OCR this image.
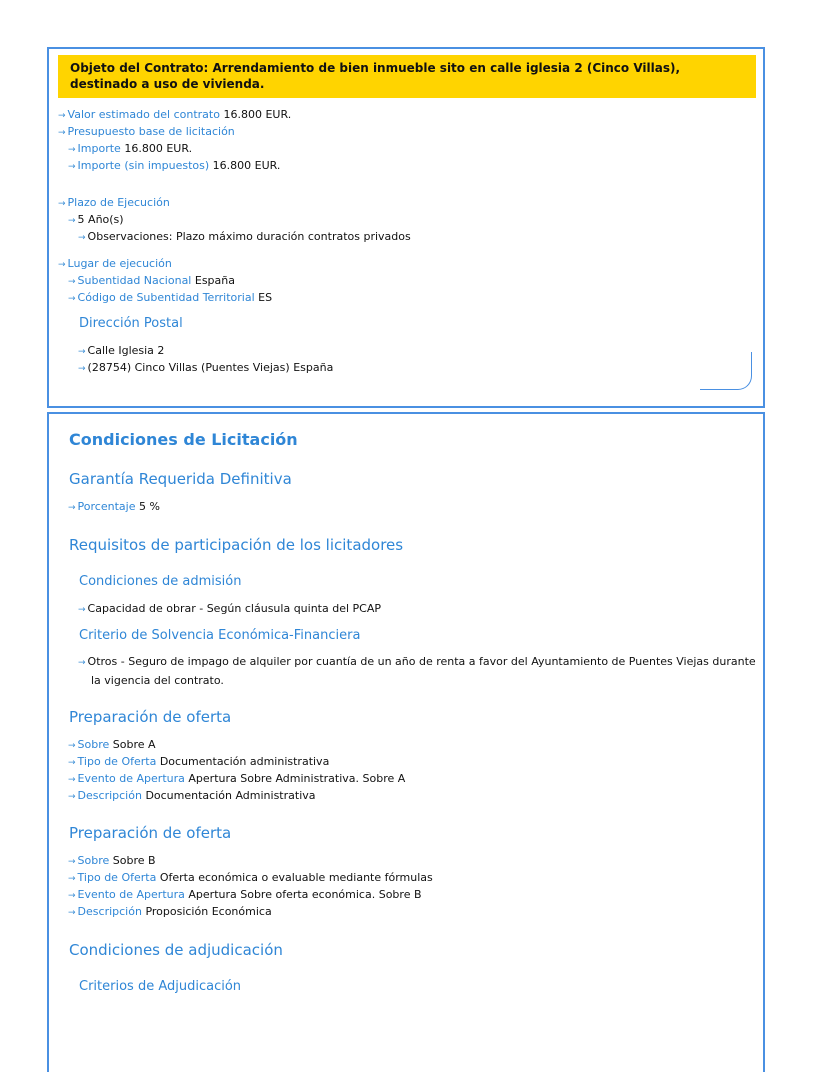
Objeto del Contrato: Arrendamiento de bien inmueble sito en calle iglesia 2 (Cinco Villas), destinado a uso de vivienda.
→ Valor estimado del contrato 16.800 EUR.
→ Presupuesto base de licitación
→ Importe 16.800 EUR.
→ Importe (sin impuestos) 16.800 EUR.
→ Plazo de Ejecución
→ 5 Año(s)
→ Observaciones: Plazo máximo duración contratos privados
→ Lugar de ejecución
→ Subentidad Nacional España
→ Código de Subentidad Territorial ES
Dirección Postal
→ Calle Iglesia 2
→ (28754) Cinco Villas (Puentes Viejas) España
Condiciones de Licitación
Garantía Requerida Definitiva
→ Porcentaje 5 %
Requisitos de participación de los licitadores
Condiciones de admisión
→ Capacidad de obrar - Según cláusula quinta del PCAP
Criterio de Solvencia Económica-Financiera
→ Otros - Seguro de impago de alquiler por cuantía de un año de renta a favor del Ayuntamiento de Puentes Viejas durante la vigencia del contrato.
Preparación de oferta
→ Sobre Sobre A
→ Tipo de Oferta Documentación administrativa
→ Evento de Apertura Apertura Sobre Administrativa. Sobre A
→ Descripción Documentación Administrativa
Preparación de oferta
→ Sobre Sobre B
→ Tipo de Oferta Oferta económica o evaluable mediante fórmulas
→ Evento de Apertura Apertura Sobre oferta económica. Sobre B
→ Descripción Proposición Económica
Condiciones de adjudicación
Criterios de Adjudicación
